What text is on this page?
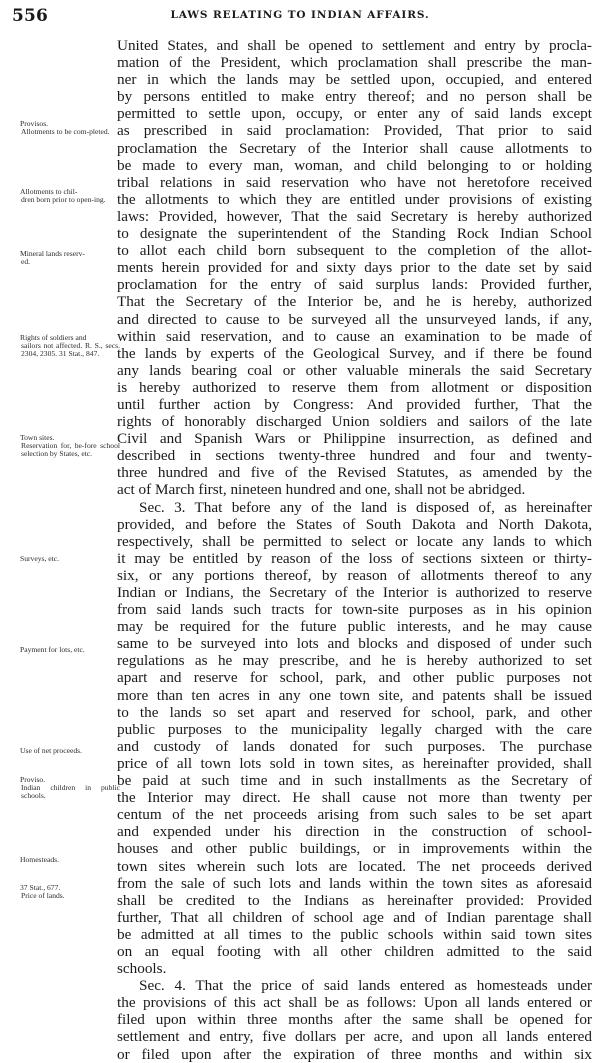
556	LAWS RELATING TO INDIAN AFFAIRS.
Provisos.
Allotments to be com-pleted.
Allotments to chil-
dren born prior to open-ing.
Mineral lands reserv-
ed.
Rights of soldiers and
sailors not affected. R. S., secs. 2304, 2305. 31 Stat., 847.
Town sites.
Reservation for, be-fore school selection by States, etc.
Surveys, etc.
Payment for lots, etc.
Use of net proceeds.
Proviso.
Indian children in public schools.
Homesteads.
37 Stat., 677.
Price of lands.
United States, and shall be opened to settlement and entry by procla-
mation of the President, which proclamation shall prescribe the man-
ner in which the lands may be settled upon, occupied, and entered
by persons entitled to make entry thereof; and no person shall be
permitted to settle upon, occupy, or enter any of said lands except
as prescribed in said proclamation: Provided, That prior to said
proclamation the Secretary of the Interior shall cause allotments to
be made to every man, woman, and child belonging to or holding
tribal relations in said reservation who have not heretofore received
the allotments to which they are entitled under provisions of existing
laws: Provided, however, That the said Secretary is hereby authorized
to designate the superintendent of the Standing Rock Indian School
to allot each child born subsequent to the completion of the allot-
ments herein provided for and sixty days prior to the date set by said
proclamation for the entry of said surplus lands: Provided further,
That the Secretary of the Interior be, and he is hereby, authorized
and directed to cause to be surveyed all the unsurveyed lands, if any,
within said reservation, and to cause an examination to be made of
the lands by experts of the Geological Survey, and if there be found
any lands bearing coal or other valuable minerals the said Secretary
is hereby authorized to reserve them from allotment or disposition
until further action by Congress: And provided further, That the
rights of honorably discharged Union soldiers and sailors of the late
Civil and Spanish Wars or Philippine insurrection, as defined and
described in sections twenty-three hundred and four and twenty-
three hundred and five of the Revised Statutes, as amended by the
act of March first, nineteen hundred and one, shall not be abridged.
Sec. 3. That before any of the land is disposed of, as hereinafter
provided, and before the States of South Dakota and North Dakota,
respectively, shall be permitted to select or locate any lands to which
it may be entitled by reason of the loss of sections sixteen or thirty-
six, or any portions thereof, by reason of allotments thereof to any
Indian or Indians, the Secretary of the Interior is authorized to reserve
from said lands such tracts for town-site purposes as in his opinion
may be required for the future public interests, and he may cause
same to be surveyed into lots and blocks and disposed of under such
regulations as he may prescribe, and he is hereby authorized to set
apart and reserve for school, park, and other public purposes not
more than ten acres in any one town site, and patents shall be issued
to the lands so set apart and reserved for school, park, and other
public purposes to the municipality legally charged with the care
and custody of lands donated for such purposes. The purchase
price of all town lots sold in town sites, as hereinafter provided, shall
be paid at such time and in such installments as the Secretary of
the Interior may direct. He shall cause not more than twenty per
centum of the net proceeds arising from such sales to be set apart
and expended under his direction in the construction of school-
houses and other public buildings, or in improvements within the
town sites wherein such lots are located. The net proceeds derived
from the sale of such lots and lands within the town sites as aforesaid
shall be credited to the Indians as hereinafter provided: Provided
further, That all children of school age and of Indian parentage shall
be admitted at all times to the public schools within said town sites
on an equal footing with all other children admitted to the said
schools.
Sec. 4. That the price of said lands entered as homesteads under
the provisions of this act shall be as follows: Upon all lands entered or
filed upon within three months after the same shall be opened for
settlement and entry, five dollars per acre, and upon all lands entered
or filed upon after the expiration of three months and within six
